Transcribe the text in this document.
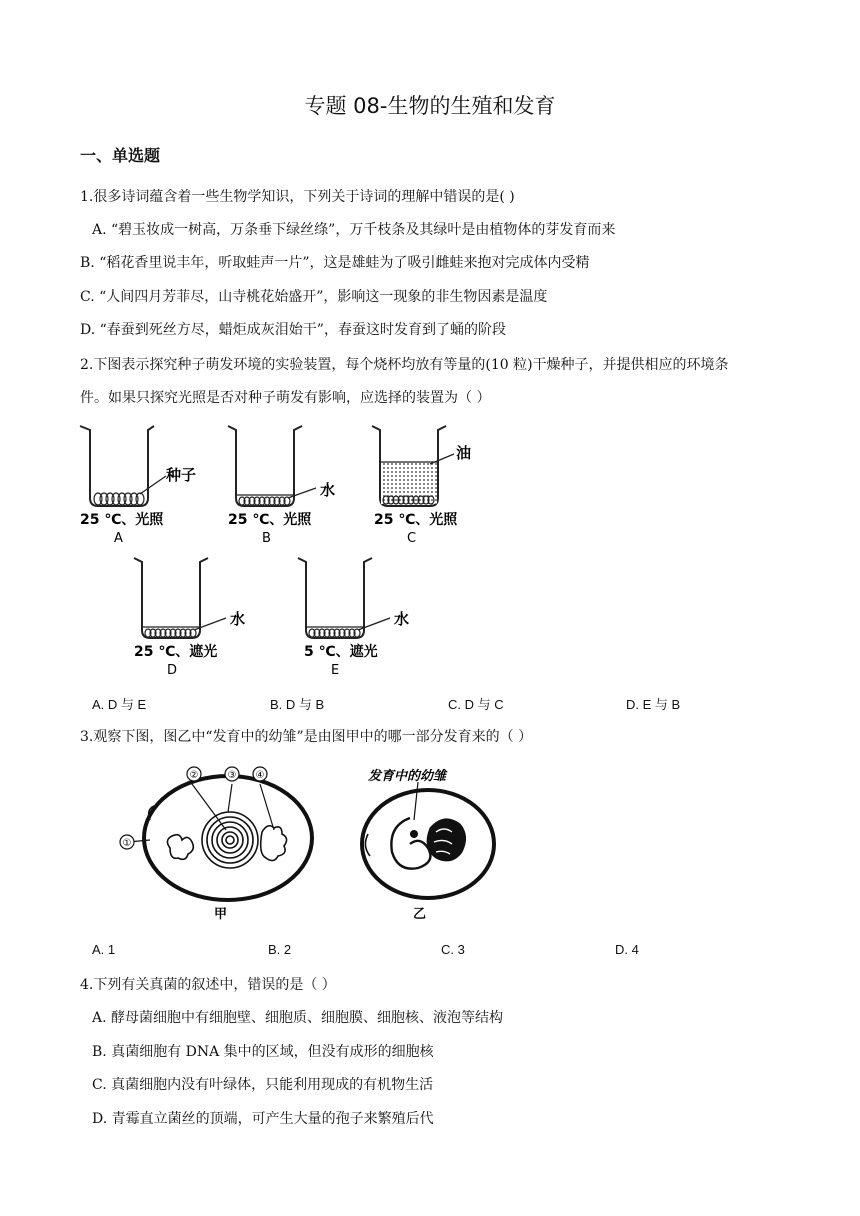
专题 08-生物的生殖和发育
一、单选题
1.很多诗词蕴含着一些生物学知识，下列关于诗词的理解中错误的是( )
A. “碧玉妆成一树高，万条垂下绿丝绦”，万千枝条及其绿叶是由植物体的芽发育而来
B. “稻花香里说丰年，听取蛙声一片”，这是雄蛙为了吸引雌蛙来抱对完成体内受精
C. “人间四月芳菲尽，山寺桃花始盛开”，影响这一现象的非生物因素是温度
D. “春蚕到死丝方尽，蜡炬成灰泪始干”，春蚕这时发育到了蛹的阶段
2.下图表示探究种子萌发环境的实验装置，每个烧杯均放有等量的(10 粒)干燥种子，并提供相应的环境条
件。如果只探究光照是否对种子萌发有影响，应选择的装置为（ ）
种子
25 ℃、光照
A
水
25 ℃、光照
B
油
25 ℃、光照
C
水
25 ℃、遮光
D
水
5 ℃、遮光
E
A. D 与 E	B. D 与 B	C. D 与 C	D. E 与 B
3.观察下图，图乙中“发育中的幼雏”是由图甲中的哪一部分发育来的（ ）
①
②	③ ④
甲
发育中的幼雏
乙
A. 1	B. 2	C. 3	D. 4
4.下列有关真菌的叙述中，错误的是（ ）
A. 酵母菌细胞中有细胞壁、细胞质、细胞膜、细胞核、液泡等结构
B. 真菌细胞有 DNA 集中的区域，但没有成形的细胞核
C. 真菌细胞内没有叶绿体，只能利用现成的有机物生活
D. 青霉直立菌丝的顶端，可产生大量的孢子来繁殖后代
